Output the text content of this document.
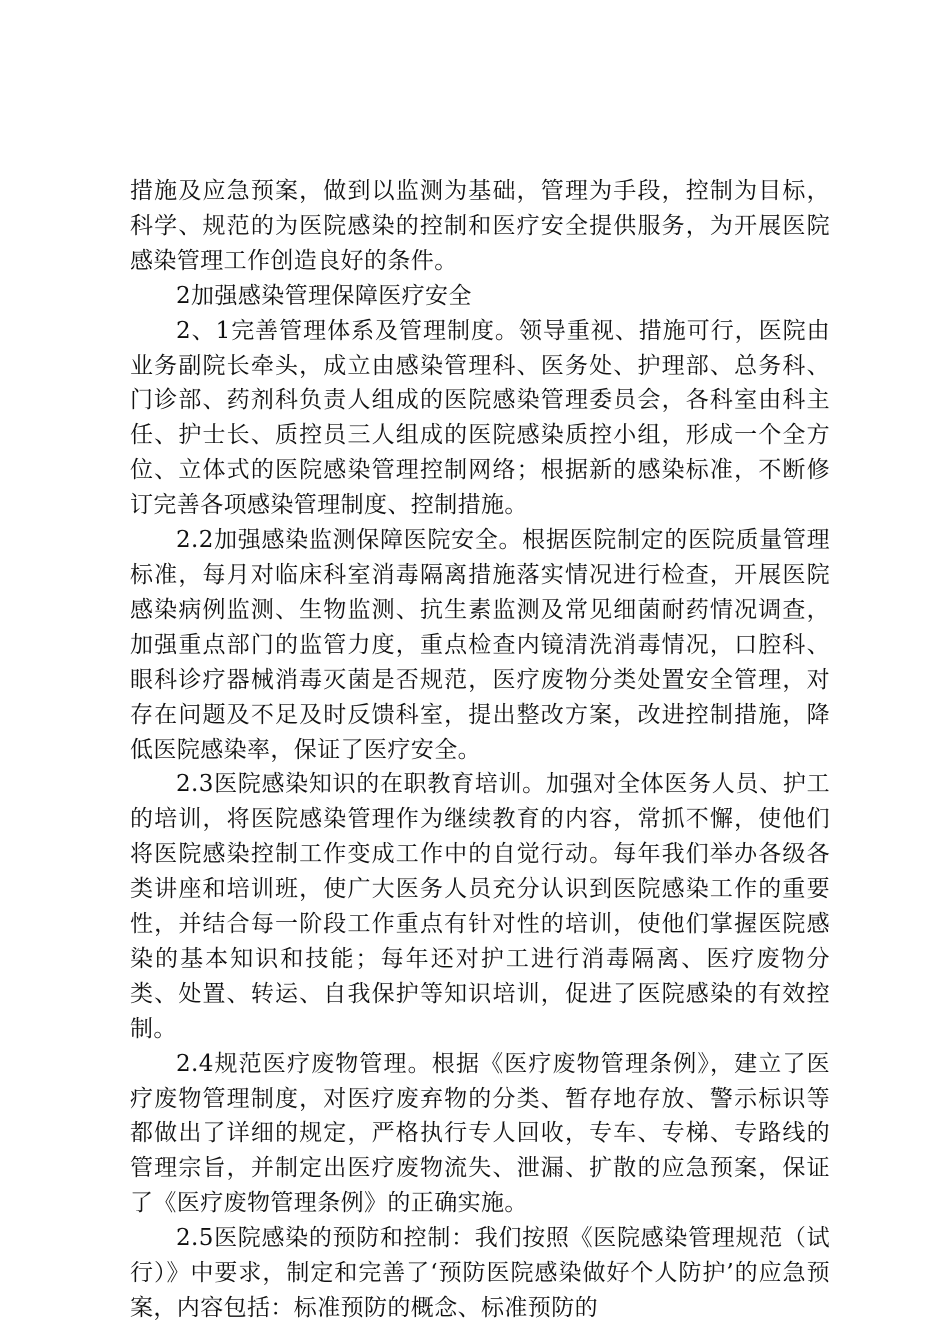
措施及应急预案，做到以监测为基础，管理为手段，控制为目标，科学、规范的为医院感染的控制和医疗安全提供服务，为开展医院感染管理工作创造良好的条件。

2加强感染管理保障医疗安全

2、1完善管理体系及管理制度。领导重视、措施可行，医院由业务副院长牵头，成立由感染管理科、医务处、护理部、总务科、门诊部、药剂科负责人组成的医院感染管理委员会，各科室由科主任、护士长、质控员三人组成的医院感染质控小组，形成一个全方位、立体式的医院感染管理控制网络；根据新的感染标准，不断修订完善各项感染管理制度、控制措施。

2.2加强感染监测保障医院安全。根据医院制定的医院质量管理标准，每月对临床科室消毒隔离措施落实情况进行检查，开展医院感染病例监测、生物监测、抗生素监测及常见细菌耐药情况调查，加强重点部门的监管力度，重点检查内镜清洗消毒情况，口腔科、眼科诊疗器械消毒灭菌是否规范，医疗废物分类处置安全管理，对存在问题及不足及时反馈科室，提出整改方案，改进控制措施，降低医院感染率，保证了医疗安全。

2.3医院感染知识的在职教育培训。加强对全体医务人员、护工的培训，将医院感染管理作为继续教育的内容，常抓不懈，使他们将医院感染控制工作变成工作中的自觉行动。每年我们举办各级各类讲座和培训班，使广大医务人员充分认识到医院感染工作的重要性，并结合每一阶段工作重点有针对性的培训，使他们掌握医院感染的基本知识和技能；每年还对护工进行消毒隔离、医疗废物分类、处置、转运、自我保护等知识培训，促进了医院感染的有效控制。

2.4规范医疗废物管理。根据《医疗废物管理条例》，建立了医疗废物管理制度，对医疗废弃物的分类、暂存地存放、警示标识等都做出了详细的规定，严格执行专人回收，专车、专梯、专路线的管理宗旨，并制定出医疗废物流失、泄漏、扩散的应急预案，保证了《医疗废物管理条例》的正确实施。

2.5医院感染的预防和控制：我们按照《医院感染管理规范（试行）》中要求，制定和完善了‘预防医院感染做好个人防护’的应急预案，内容包括：标准预防的概念、标准预防的
